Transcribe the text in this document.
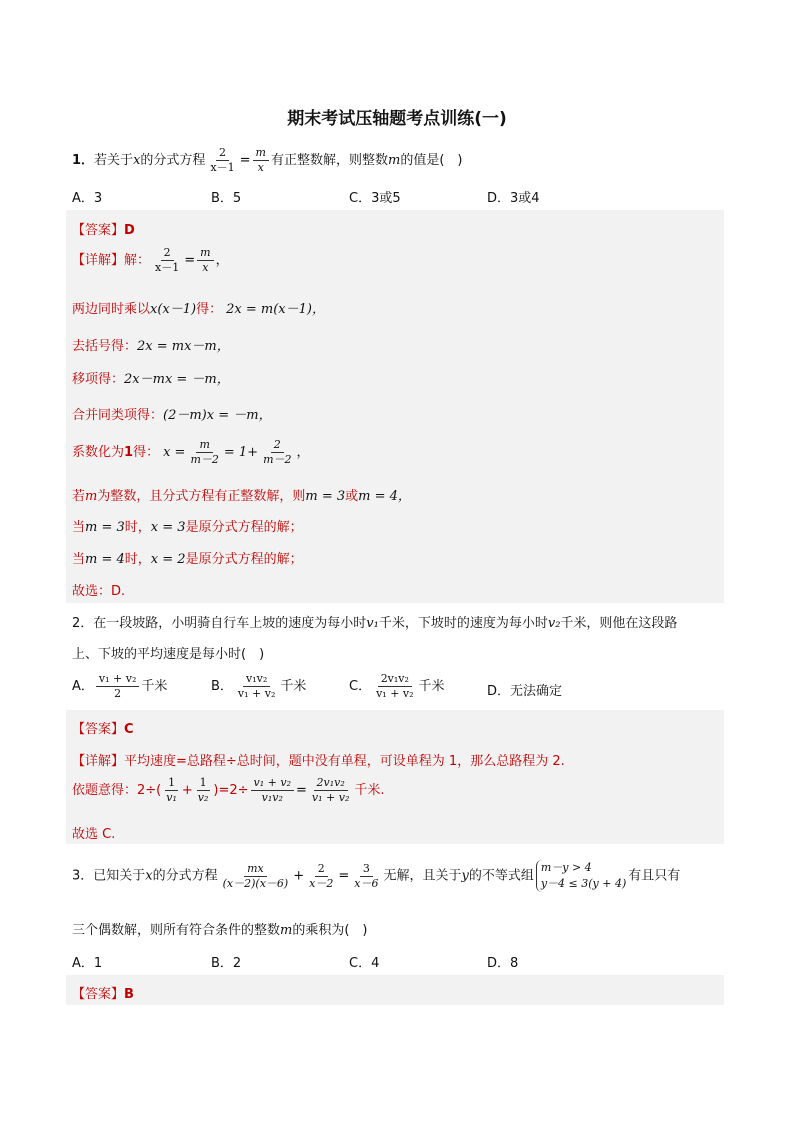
期末考试压轴题考点训练(一)
1．若关于x的分式方程 $\frac{2}{x-1} = \frac{m}{x}$ 有正整数解，则整数m的值是(　)
A．3	B．5	C．3或5	D．3或4
【答案】D
【详解】解： $\frac{2}{x-1} = \frac{m}{x}$ ，
两边同时乘以x(x－1)得： 2x = m(x－1)，
去括号得：2x = mx－m，
移项得：2x－mx = －m，
合并同类项得：(2－m)x = －m，
系数化为1得： $x = \frac{m}{m-2} = 1+ \frac{2}{m-2}$ ，
若m为整数，且分式方程有正整数解，则m = 3或m = 4，
当m = 3时，x = 3是原分式方程的解；
当m = 4时，x = 2是原分式方程的解；
故选：D.
2．在一段坡路，小明骑自行车上坡的速度为每小时v₁千米，下坡时的速度为每小时v₂千米，则他在这段路
上、下坡的平均速度是每小时(　)
A． $\frac{\text{v₁ + v₂}}{2}$ 千米	B． $\frac{\text{v₁v₂}}{\text{v₁ + v₂}}$ 千米	C． $\frac{\text{2v₁v₂}}{\text{v₁ + v₂}}$ 千米	D．无法确定
【答案】C
【详解】平均速度=总路程÷总时间，题中没有单程，可设单程为 1，那么总路程为 2.
依题意得：$2\div( \frac{1}{\text{v₁}} + \frac{1}{\text{v₂}} )=2\div \frac{\text{v₁ + v₂}}{\text{v₁v₂}} = \frac{\text{2v₁v₂}}{\text{v₁ + v₂}}$ 千米.
故选 C.
3．已知关于x的分式方程 $\frac{mx}{(x-2)(x-6)} + \frac{2}{x-2} = \frac{3}{x-6}$ 无解，且关于y的不等式组
m－y > 4
y－4 ≤ 3(y + 4) 有且只有
三个偶数解，则所有符合条件的整数m的乘积为(　)
A．1	B．2	C．4	D．8
【答案】B
